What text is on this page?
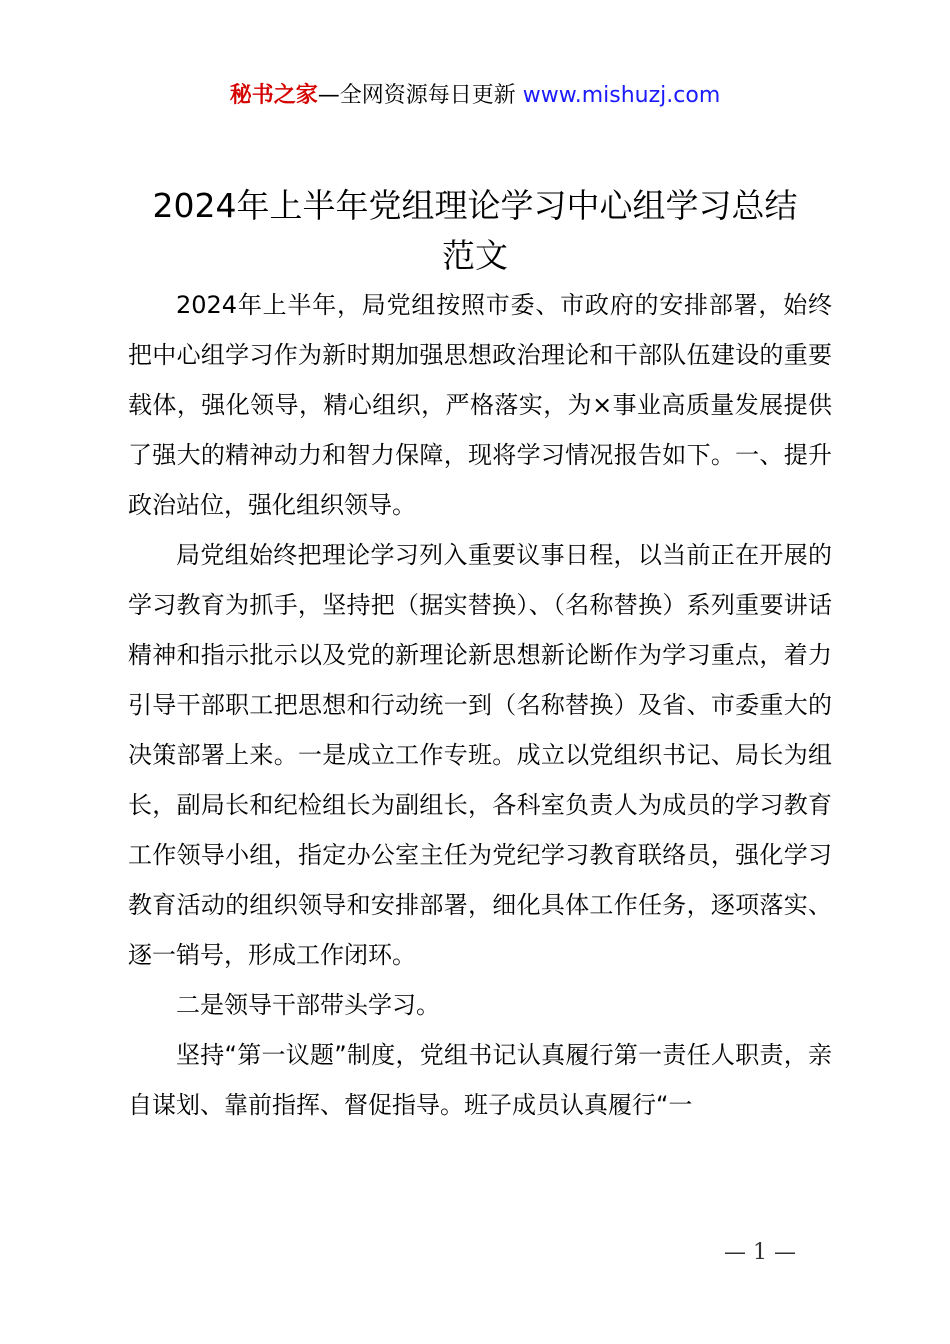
秘书之家—全网资源每日更新 www.mishuzj.com
2024年上半年党组理论学习中心组学习总结
范文

2024年上半年，局党组按照市委、市政府的安排部署，始终把中心组学习作为新时期加强思想政治理论和干部队伍建设的重要载体，强化领导，精心组织，严格落实，为×事业高质量发展提供了强大的精神动力和智力保障，现将学习情况报告如下。一、提升政治站位，强化组织领导。

局党组始终把理论学习列入重要议事日程，以当前正在开展的学习教育为抓手，坚持把（据实替换）、（名称替换）系列重要讲话精神和指示批示以及党的新理论新思想新论断作为学习重点，着力引导干部职工把思想和行动统一到（名称替换）及省、市委重大的决策部署上来。一是成立工作专班。成立以党组织书记、局长为组长，副局长和纪检组长为副组长，各科室负责人为成员的学习教育工作领导小组，指定办公室主任为党纪学习教育联络员，强化学习教育活动的组织领导和安排部署，细化具体工作任务，逐项落实、逐一销号，形成工作闭环。

二是领导干部带头学习。

坚持“第一议题”制度，党组书记认真履行第一责任人职责，亲自谋划、靠前指挥、督促指导。班子成员认真履行“一

— 1 —
